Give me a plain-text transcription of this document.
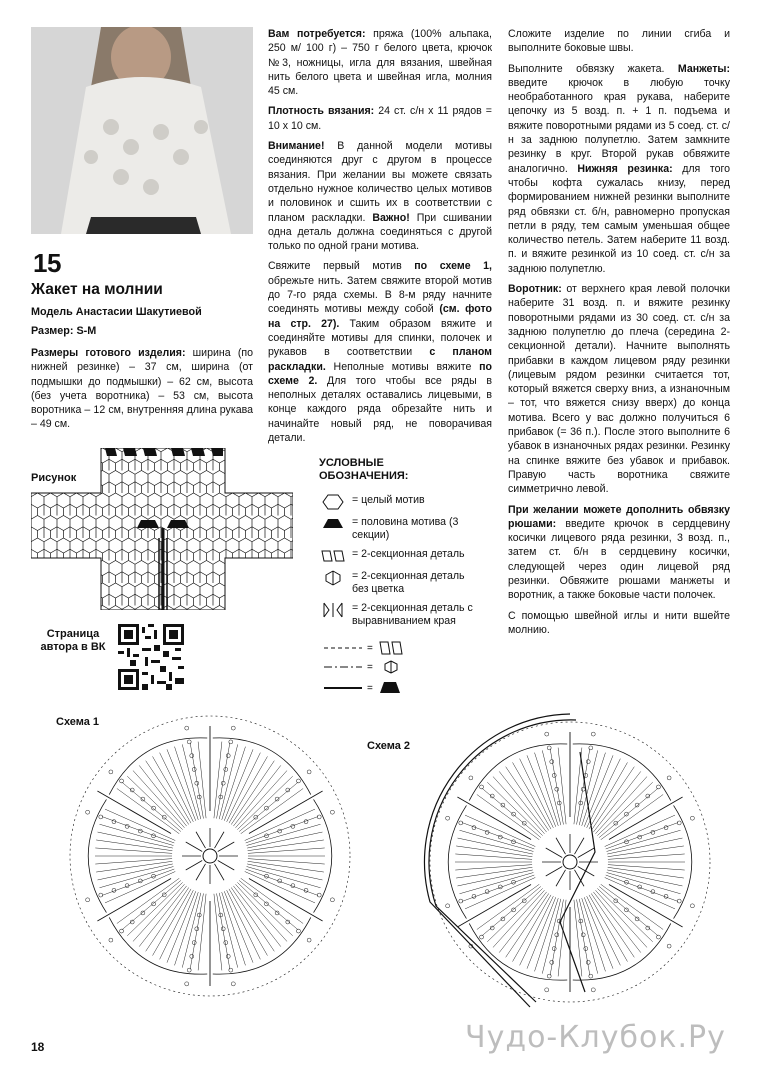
15
Жакет на молнии
Модель Анастасии Шакутиевой
Размер: S-M
Размеры готового изделия: ширина (по нижней резинке) – 37 см, ширина (от подмышки до подмышки) – 62 см, высота (без учета воротника) – 53 см, высота воротника – 12 см, внутренняя длина рукава – 49 см.
Вам потребуется: пряжа (100% альпака, 250 м/ 100 г) – 750 г белого цвета, крючок №3, ножницы, игла для вязания, швейная нить белого цвета и швейная игла, молния 45 см.
Плотность вязания: 24 ст. с/н х 11 рядов = 10 х 10 см.
Внимание! В данной модели мотивы соединяются друг с другом в процессе вязания. При желании вы можете связать отдельно нужное количество целых мотивов и половинок и сшить их в соответствии с планом раскладки. Важно! При сшивании одна деталь должна соединяться с другой только по одной грани мотива.
Свяжите первый мотив по схеме 1, обрежьте нить. Затем свяжите второй мотив до 7-го ряда схемы. В 8-м ряду начните соединять мотивы между собой (см. фото на стр. 27). Таким образом вяжите и соединяйте мотивы для спинки, полочек и рукавов в соответствии с планом раскладки. Неполные мотивы вяжите по схеме 2. Для того чтобы все ряды в неполных деталях оставались лицевыми, в конце каждого ряда обрезайте нить и начинайте новый ряд, не поворачивая детали.
Сложите изделие по линии сгиба и выполните боковые швы.
Выполните обвязку жакета. Манжеты: введите крючок в любую точку необработанного края рукава, наберите цепочку из 5 возд. п. + 1 п. подъема и вяжите поворотными рядами из 5 соед. ст. с/н за заднюю полупетлю. Затем замкните резинку в круг. Второй рукав обвяжите аналогично. Нижняя резинка: для того чтобы кофта сужалась книзу, перед формированием нижней резинки выполните ряд обвязки ст. б/н, равномерно пропуская петли в ряду, тем самым уменьшая общее количество петель. Затем наберите 11 возд. п. и вяжите резинкой из 10 соед. ст. с/н за заднюю полупетлю.
Воротник: от верхнего края левой полочки наберите 31 возд. п. и вяжите резинку поворотными рядами из 30 соед. ст. с/н за заднюю полупетлю до плеча (середина 2-секционной детали). Начните выполнять прибавки в каждом лицевом ряду резинки (лицевым рядом резинки считается тот, который вяжется сверху вниз, а изнаночным – тот, что вяжется снизу вверх) до конца мотива. Всего у вас должно получиться 6 прибавок (= 36 п.). После этого выполните 6 убавок в изнаночных рядах резинки. Резинку на спинке вяжите без убавок и прибавок. Правую часть воротника свяжите симметрично левой.
При желании можете дополнить обвязку рюшами: введите крючок в сердцевину косички лицевого ряда резинки, 3 возд. п., затем ст. б/н в сердцевину косички, следующей через один лицевой ряд резинки. Обвяжите рюшами манжеты и воротник, а также боковые части полочек.
С помощью швейной иглы и нити вшейте молнию.
Рисунок
УСЛОВНЫЕ ОБОЗНАЧЕНИЯ:
= целый мотив
= половина мотива (3 секции)
= 2-секционная деталь
= 2-секционная деталь без цветка
= 2-секционная деталь с выравниванием края
=
=
=
Страница автора в ВК
Схема 1
Схема 2
18	Чудо-Клубок.Ру
